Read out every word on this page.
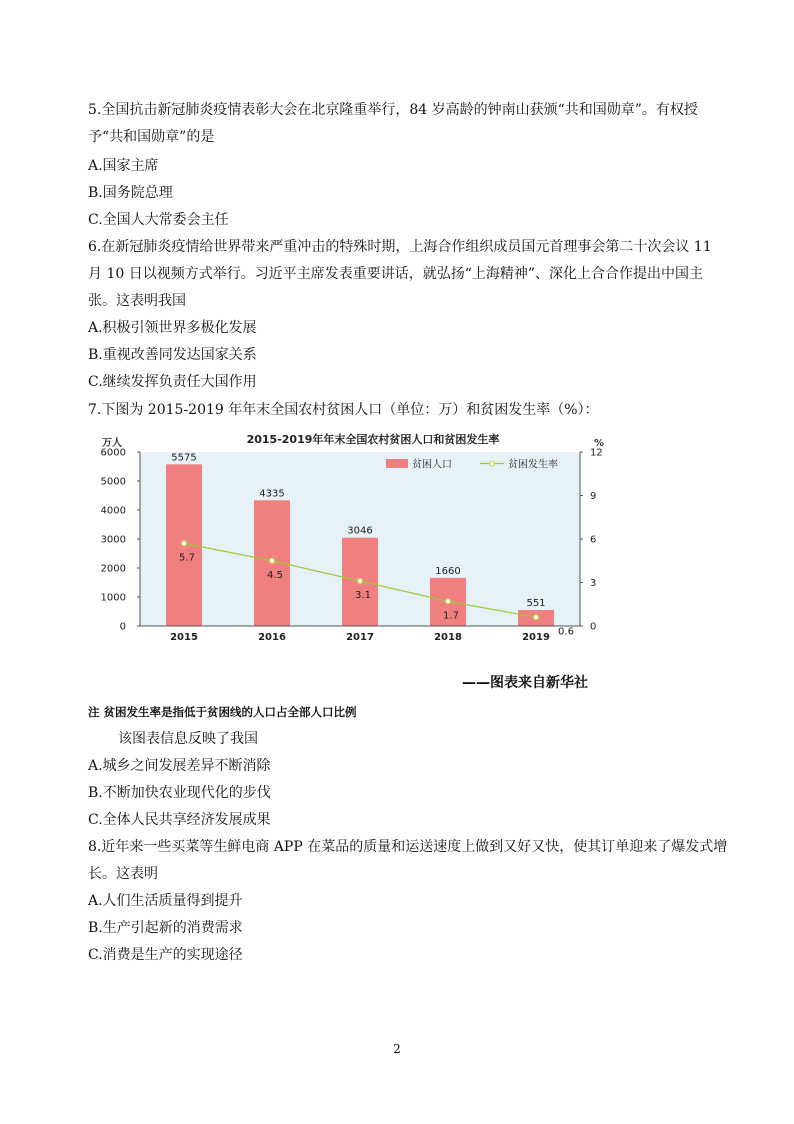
5.全国抗击新冠肺炎疫情表彰大会在北京隆重举行，84 岁高龄的钟南山获颁“共和国勋章”。有权授
予“共和国勋章”的是
A.国家主席
B.国务院总理
C.全国人大常委会主任
6.在新冠肺炎疫情给世界带来严重冲击的特殊时期，上海合作组织成员国元首理事会第二十次会议 11
月 10 日以视频方式举行。习近平主席发表重要讲话，就弘扬“上海精神”、深化上合合作提出中国主
张。这表明我国
A.积极引领世界多极化发展
B.重视改善同发达国家关系
C.继续发挥负责任大国作用
7.下图为 2015-2019 年年末全国农村贫困人口（单位：万）和贫困发生率（%）：
0
1000
2000
3000
4000
5000
6000
0
3
6
9
12
2015	2016	2017	2018	2019
5575
4335
3046
1660
551
5.7
4.5
3.1
1.7
0.6
贫困人口	贫困发生率
2015-2019年年末全国农村贫困人口和贫困发生率
万人	%
——图表来自新华社
注 贫困发生率是指低于贫困线的人口占全部人口比例
该图表信息反映了我国
A.城乡之间发展差异不断消除
B.不断加快农业现代化的步伐
C.全体人民共享经济发展成果
8.近年来一些买菜等生鲜电商 APP 在菜品的质量和运送速度上做到又好又快，使其订单迎来了爆发式增
长。这表明
A.人们生活质量得到提升
B.生产引起新的消费需求
C.消费是生产的实现途径
2
